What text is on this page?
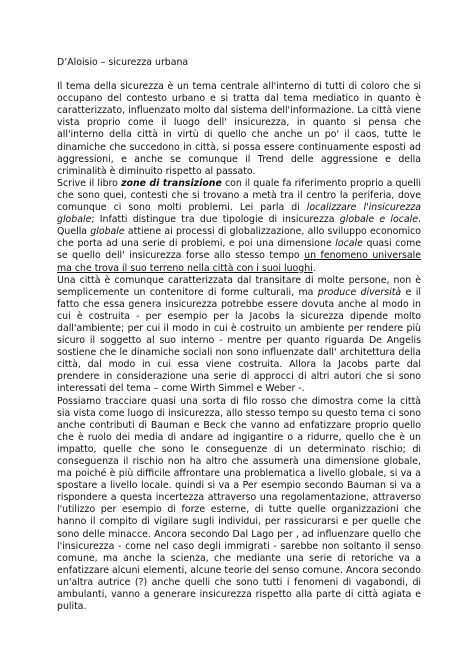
D’Aloisio – sicurezza urbana

Il tema della sicurezza è un tema centrale all'interno di tutti di coloro che si occupano del contesto urbano e si tratta dal tema mediatico in quanto è caratterizzato, influenzato molto dal sistema dell'informazione. La città viene vista proprio come il luogo dell' insicurezza, in quanto si pensa che all'interno della città in virtù di quello che anche un po' il caos, tutte le dinamiche che succedono in città, si possa essere continuamente esposti ad aggressioni, e anche se comunque il Trend delle aggressione e della criminalità è diminuito rispetto al passato.

Scrive il libro zone di transizione con il quale fa riferimento proprio a quelli che sono quei, contesti che si trovano a metà tra il centro la periferia, dove comunque ci sono molti problemi. Lei parla di localizzare l'insicurezza globale; Infatti distingue tra due tipologie di insicurezza globale e locale. Quella globale attiene ai processi di globalizzazione, allo sviluppo economico che porta ad una serie di problemi, e poi una dimensione locale quasi come se quello dell' insicurezza forse allo stesso tempo un fenomeno universale ma che trova il suo terreno nella città con i suoi luoghi.

Una città è comunque caratterizzata dal transitare di molte persone, non è semplicemente un contenitore di forme culturali, ma produce diversità e il fatto che essa genera insicurezza potrebbe essere dovuta anche al modo in cui è costruita - per esempio per la Jacobs la sicurezza dipende molto dall'ambiente; per cui il modo in cui è costruito un ambiente per rendere più sicuro il soggetto al suo interno - mentre per quanto riguarda De Angelis sostiene che le dinamiche sociali non sono influenzate dall' architettura della città, dal modo in cui essa viene costruita. Allora la Jacobs parte dal prendere in considerazione una serie di approcci di altri autori che si sono interessati del tema – come Wirth Simmel e Weber -.

Possiamo tracciare quasi una sorta di filo rosso che dimostra come la città sia vista come luogo di insicurezza, allo stesso tempo su questo tema ci sono anche contributi di Bauman e Beck che vanno ad enfatizzare proprio quello che è ruolo dei media di andare ad ingigantire o a ridurre, quello che è un impatto, quelle che sono le conseguenze di un determinato rischio; di conseguenza il rischio non ha altro che assumerà una dimensione globale, ma poiché è più difficile affrontare una problematica a livello globale, si va a spostare a livello locale. quindi si va a Per esempio secondo Bauman si va a rispondere a questa incertezza attraverso una regolamentazione, attraverso l'utilizzo per esempio di forze esterne, di tutte quelle organizzazioni che hanno il compito di vigilare sugli individui, per rassicurarsi e per quelle che sono delle minacce. Ancora secondo Dal Lago per , ad influenzare quello che l'insicurezza - come nel caso degli immigrati - sarebbe non soltanto il senso comune, ma anche la scienza, che mediante una serie di retoriche va a enfatizzare alcuni elementi, alcune teorie del senso comune. Ancora secondo un'altra autrice (?) anche quelli che sono tutti i fenomeni di vagabondi, di ambulanti, vanno a generare insicurezza rispetto alla parte di città agiata e pulita.
